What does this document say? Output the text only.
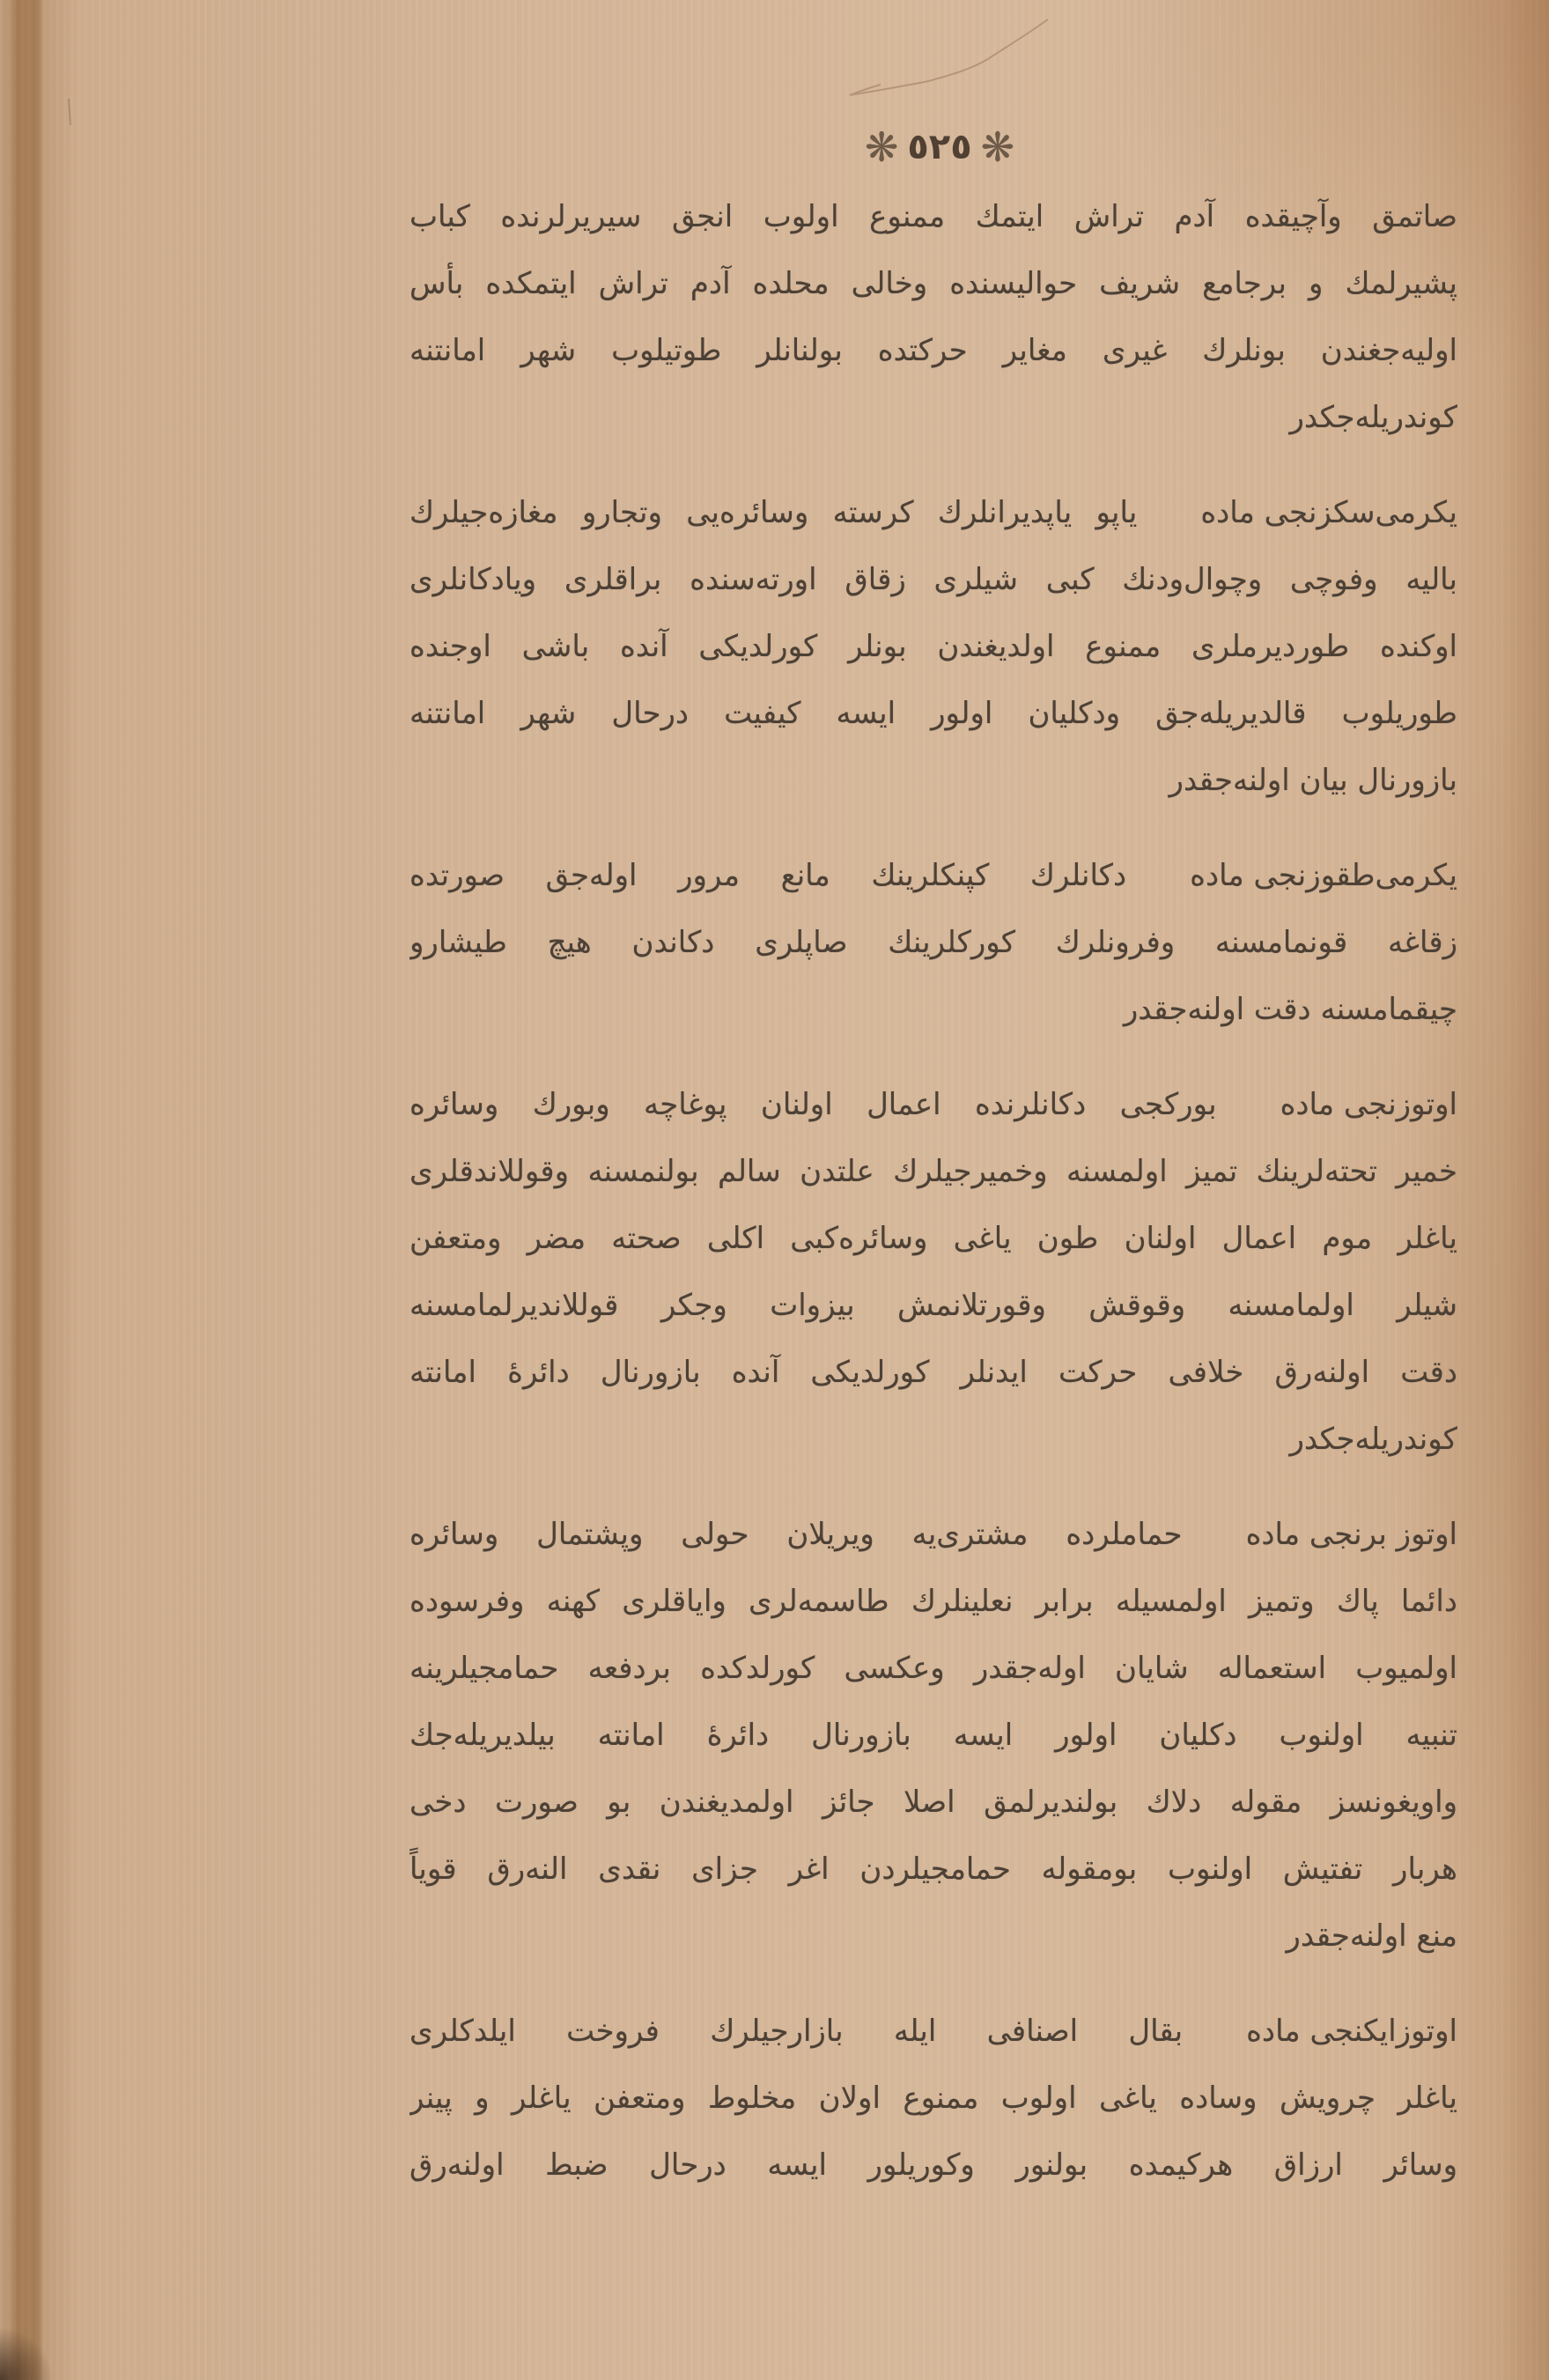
❋ ٥٢٥ ❋
صاتمق وآچیقده آدم تراش ایتمك ممنوع اولوب انجق سیریرلرنده کباب
پشیرلمك و برجامع شریف حوالیسنده وخالی محلده آدم تراش ایتمکده بأس
اولیه‌جغندن بونلرك غیری مغایر حرکتده بولنانلر طوتیلوب شهر امانتنه
کوندریله‌جکدر
یکرمی‌سکزنجی ماده
یاپو یاپدیرانلرك کرسته وسائره‌یی وتجارو مغازه‌جیلرك
بالیه وفوچی وچوال‌ودنك کبی شیلری زقاق اورته‌سنده براقلری ویادکانلری
اوکنده طوردیرملری ممنوع اولدیغندن بونلر کورلدیکی آنده باشی اوجنده
طوریلوب قالدیریله‌جق ودکلیان اولور ایسه کیفیت درحال شهر امانتنه
بازورنال بیان اولنه‌جقدر
یکرمی‌طقوزنجی ماده
دکانلرك کپنکلرینك مانع مرور اوله‌جق صورتده
زقاغه قونمامسنه وفرونلرك کورکلرینك صاپلری دکاندن هیچ طیشارو
چیقمامسنه دقت اولنه‌جقدر
اوتوزنجی ماده
بورکجی دکانلرنده اعمال اولنان پوغاچه وبورك وسائره
خمیر تحته‌لرینك تمیز اولمسنه وخمیرجیلرك علتدن سالم بولنمسنه وقوللاندقلری
یاغلر موم اعمال اولنان طون یاغی وسائره‌کبی اکلی صحته مضر ومتعفن
شیلر اولمامسنه وقوقش وقورتلانمش بیزوات وجکر قوللاندیرلمامسنه
دقت اولنه‌رق خلافی حرکت ایدنلر کورلدیکی آنده بازورنال دائرهٔ امانته
کوندریله‌جکدر
اوتوز برنجی ماده
حماملرده مشتری‌یه ویریلان حولی وپشتمال وسائره
دائما پاك وتمیز اولمسیله برابر نعلینلرك طاسمه‌لری وایاقلری کهنه وفرسوده
اولمیوب استعماله شایان اوله‌جقدر وعکسی کورلدکده بردفعه حمامجیلرینه
تنبیه اولنوب دکلیان اولور ایسه بازورنال دائرهٔ امانته بیلدیریله‌جك
واویغونسز مقوله دلاك بولندیرلمق اصلا جائز اولمدیغندن بو صورت دخی
هربار تفتیش اولنوب بومقوله حمامجیلردن اغر جزای نقدی النه‌رق قویاً
منع اولنه‌جقدر
اوتوزایکنجی ماده
بقال اصنافی ایله بازارجیلرك فروخت ایلدکلری
یاغلر چرویش وساده یاغی اولوب ممنوع اولان مخلوط ومتعفن یاغلر و پینر
وسائر ارزاق هرکیمده بولنور وکوریلور ایسه درحال ضبط اولنه‌رق
